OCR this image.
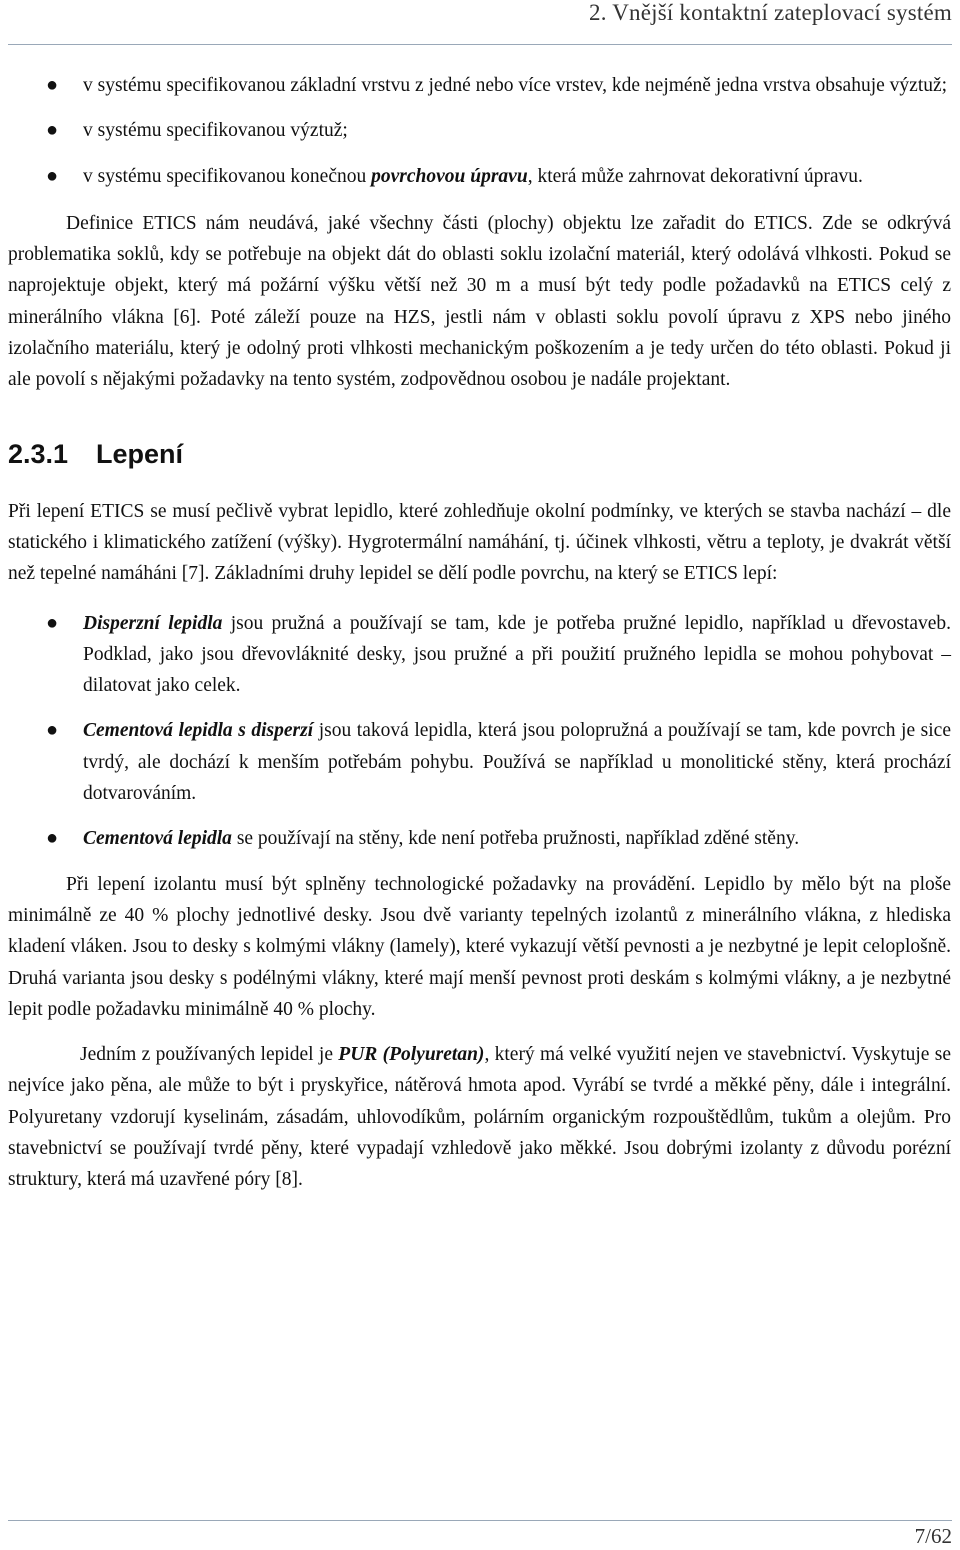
2. Vnější kontaktní zateplovací systém
● v systému specifikovanou základní vrstvu z jedné nebo více vrstev, kde nejméně jedna vrstva obsahuje výztuž;
● v systému specifikovanou výztuž;
● v systému specifikovanou konečnou povrchovou úpravu, která může zahrnovat dekorativní úpravu.

Definice ETICS nám neudává, jaké všechny části (plochy) objektu lze zařadit do ETICS. Zde se odkrývá problematika soklů, kdy se potřebuje na objekt dát do oblasti soklu izolační materiál, který odolává vlhkosti. Pokud se naprojektuje objekt, který má požární výšku větší než 30 m a musí být tedy podle požadavků na ETICS celý z minerálního vlákna [6]. Poté záleží pouze na HZS, jestli nám v oblasti soklu povolí úpravu z XPS nebo jiného izolačního materiálu, který je odolný proti vlhkosti mechanickým poškozením a je tedy určen do této oblasti. Pokud ji ale povolí s nějakými požadavky na tento systém, zodpovědnou osobou je nadále projektant.

2.3.1 Lepení

Při lepení ETICS se musí pečlivě vybrat lepidlo, které zohledňuje okolní podmínky, ve kterých se stavba nachází – dle statického i klimatického zatížení (výšky). Hygrotermální namáhání, tj. účinek vlhkosti, větru a teploty, je dvakrát větší než tepelné namáháni [7]. Základními druhy lepidel se dělí podle povrchu, na který se ETICS lepí:

● Disperzní lepidla jsou pružná a používají se tam, kde je potřeba pružné lepidlo, například u dřevostaveb. Podklad, jako jsou dřevovláknité desky, jsou pružné a při použití pružného lepidla se mohou pohybovat – dilatovat jako celek.
● Cementová lepidla s disperzí jsou taková lepidla, která jsou polopružná a používají se tam, kde povrch je sice tvrdý, ale dochází k menším potřebám pohybu. Používá se například u monolitické stěny, která prochází dotvarováním.
● Cementová lepidla se používají na stěny, kde není potřeba pružnosti, například zděné stěny.

Při lepení izolantu musí být splněny technologické požadavky na provádění. Lepidlo by mělo být na ploše minimálně ze 40 % plochy jednotlivé desky. Jsou dvě varianty tepelných izolantů z minerálního vlákna, z hlediska kladení vláken. Jsou to desky s kolmými vlákny (lamely), které vykazují větší pevnosti a je nezbytné je lepit celoplošně. Druhá varianta jsou desky s podélnými vlákny, které mají menší pevnost proti deskám s kolmými vlákny, a je nezbytné lepit podle požadavku minimálně 40 % plochy.

Jedním z používaných lepidel je PUR (Polyuretan), který má velké využití nejen ve stavebnictví. Vyskytuje se nejvíce jako pěna, ale může to být i pryskyřice, nátěrová hmota apod. Vyrábí se tvrdé a měkké pěny, dále i integrální. Polyuretany vzdorují kyselinám, zásadám, uhlovodíkům, polárním organickým rozpouštědlům, tukům a olejům. Pro stavebnictví se používají tvrdé pěny, které vypadají vzhledově jako měkké. Jsou dobrými izolanty z důvodu porézní struktury, která má uzavřené póry [8].

7/62
